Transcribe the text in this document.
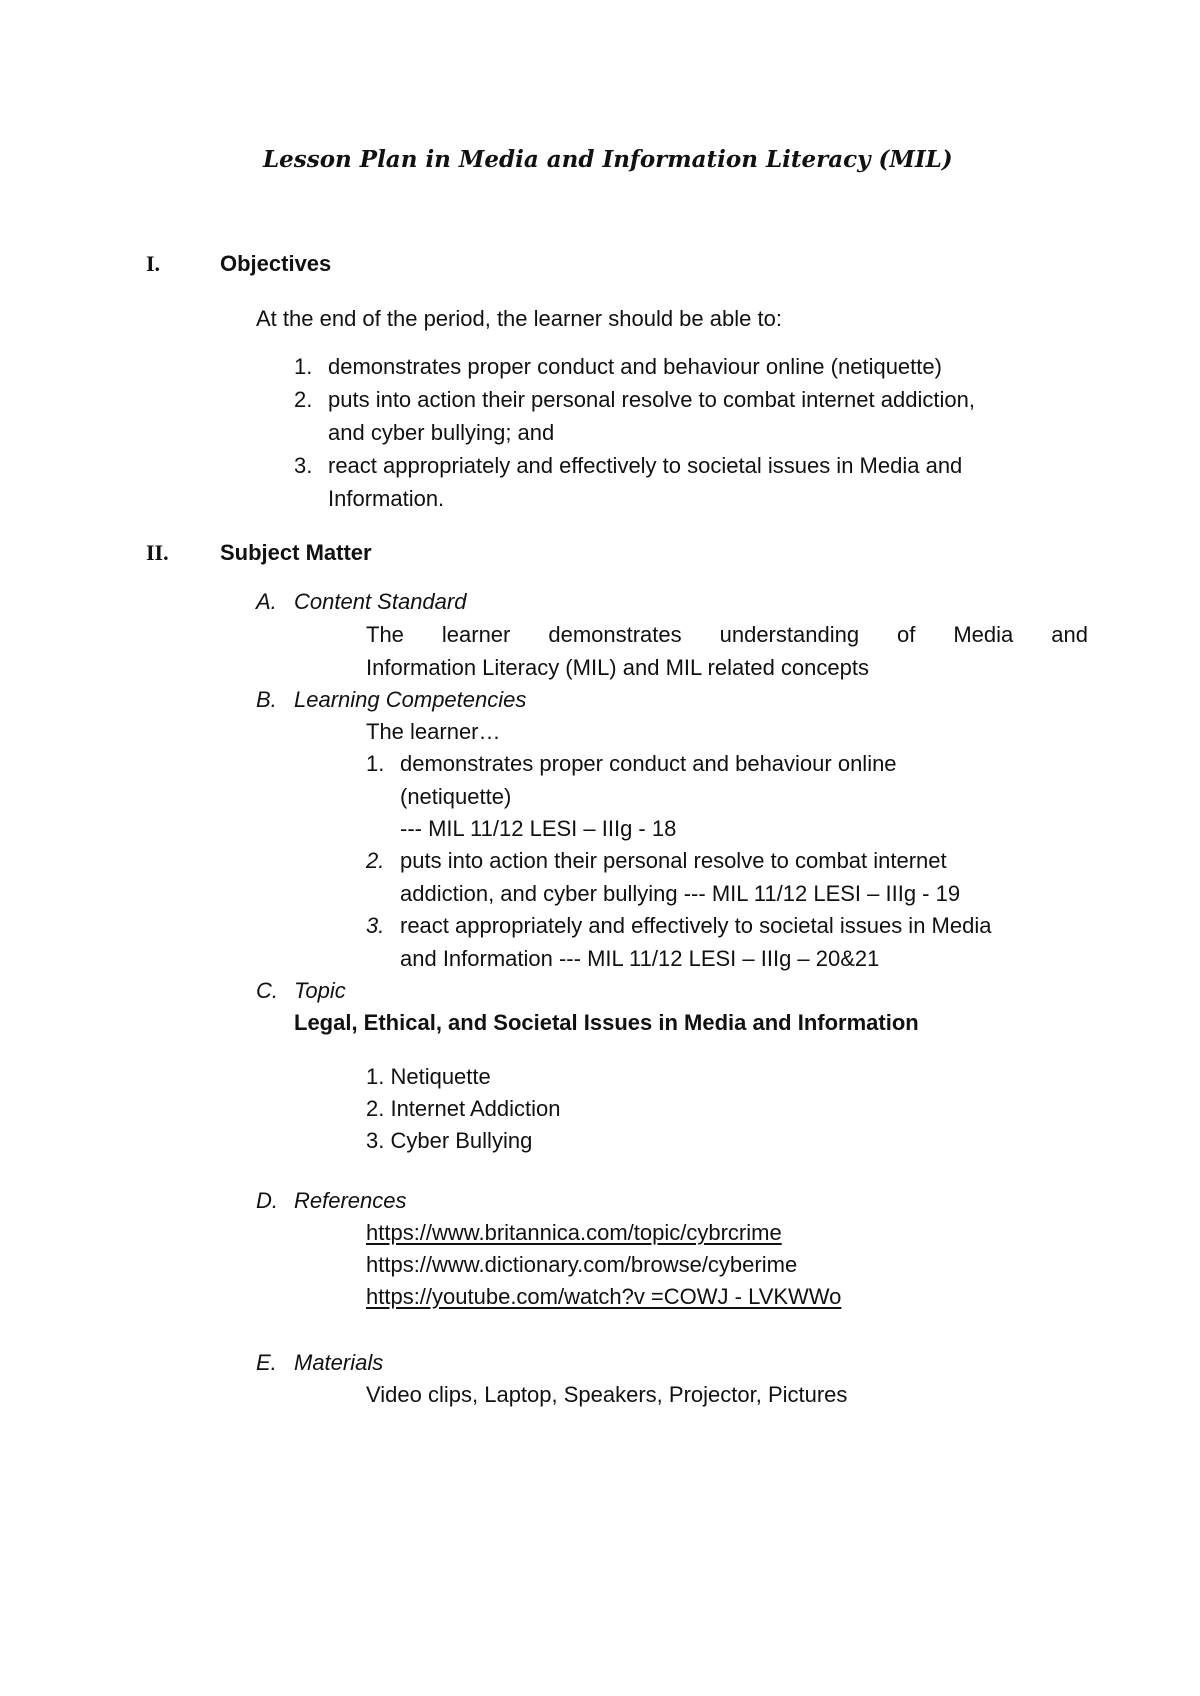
Lesson Plan in Media and Information Literacy (MIL)
I.	Objectives
At the end of the period, the learner should be able to:
1. demonstrates proper conduct and behaviour online (netiquette)
2. puts into action their personal resolve to combat internet addiction,
and cyber bullying; and
3. react appropriately and effectively to societal issues in Media and
Information.
II. Subject Matter
A. Content Standard
The learner demonstrates understanding of Media and
Information Literacy (MIL) and MIL related concepts
B. Learning Competencies
The learner…
1. demonstrates proper conduct and behaviour online
(netiquette)
--- MIL 11/12 LESI – IIIg - 18
2. puts into action their personal resolve to combat internet
addiction, and cyber bullying --- MIL 11/12 LESI – IIIg - 19
3. react appropriately and effectively to societal issues in Media
and Information --- MIL 11/12 LESI – IIIg – 20&21
C. Topic
Legal, Ethical, and Societal Issues in Media and Information
1. Netiquette
2. Internet Addiction
3. Cyber Bullying
D. References
https://www.britannica.com/topic/cybrcrime
https://www.dictionary.com/browse/cyberime
https://youtube.com/watch?v =COWJ - LVKWWo
E. Materials
Video clips, Laptop, Speakers, Projector, Pictures
